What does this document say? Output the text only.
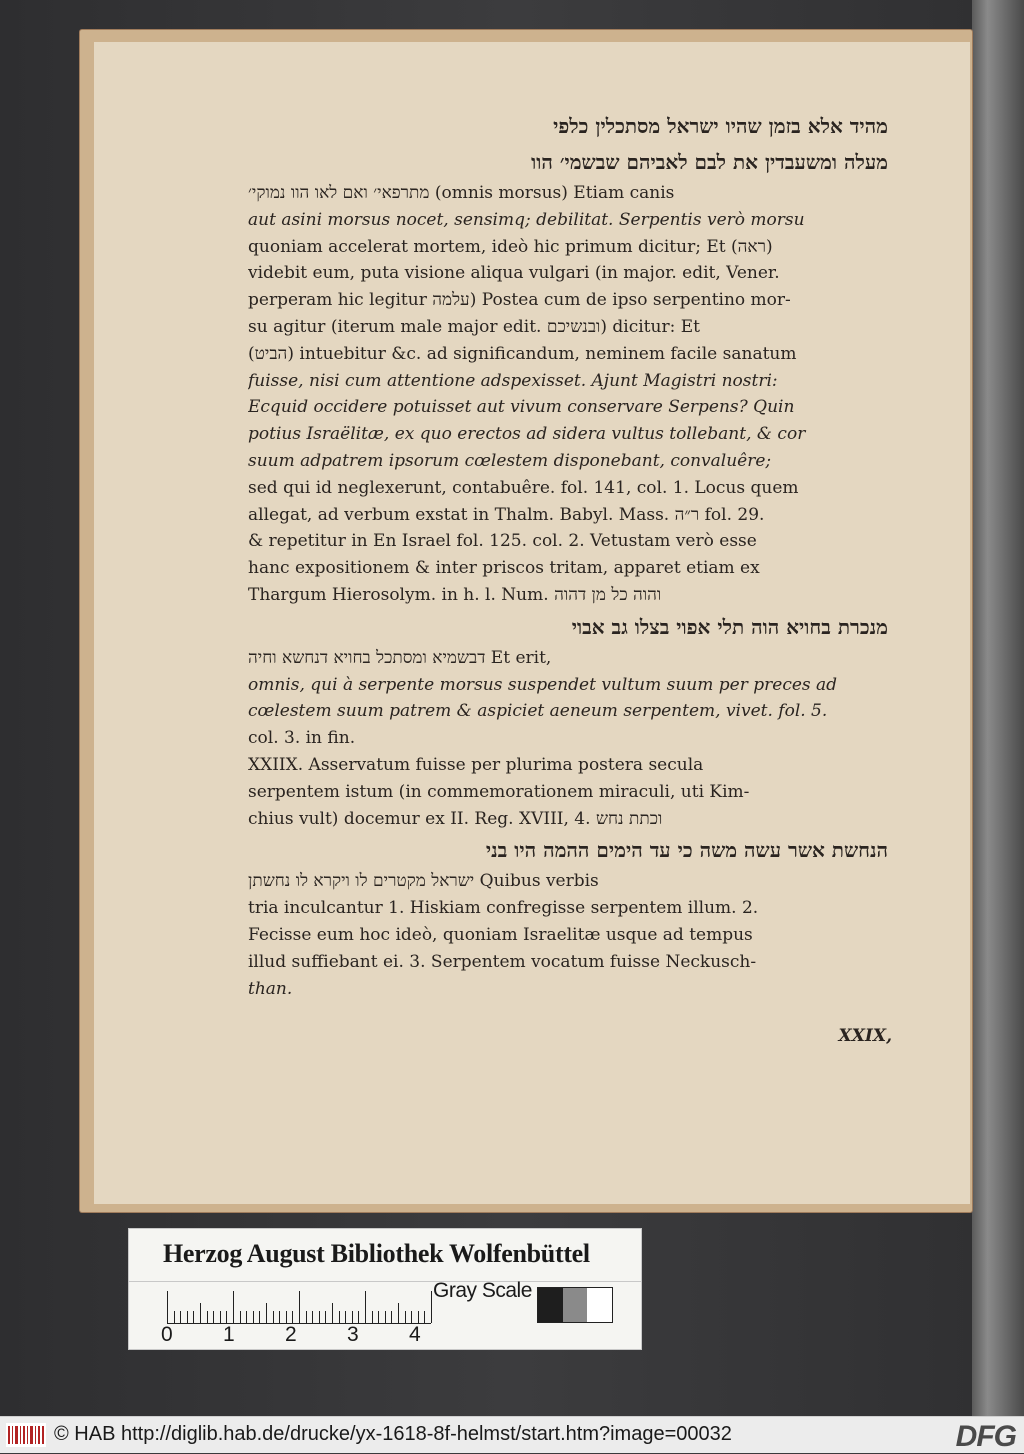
מהיד אלא בזמן שהיו ישראל מסתכלין כלפי
מעלה ומשעבדין את לבם לאביהם שבשמי׳ הוו
מתרפאי׳ ואם לאו הוו נמוקי׳ (omnis morsus) Etiam canis
aut asini morsus nocet, sensimq; debilitat. Serpentis verò morsu
quoniam accelerat mortem, ideò hic primum dicitur; Et (ראה)
videbit eum, puta visione aliqua vulgari (in major. edit, Vener.
perperam hic legitur עלמה) Postea cum de ipso serpentino mor-
su agitur (iterum male major edit. ובנשיכם) dicitur: Et
(הביט) intuebitur &c. ad significandum, neminem facile sanatum
fuisse, nisi cum attentione adspexisset. Ajunt Magistri nostri:
Ecquid occidere potuisset aut vivum conservare Serpens? Quin
potius Israëlitæ, ex quo erectos ad sidera vultus tollebant, & cor
suum adpatrem ipsorum cœlestem disponebant, convaluêre;
sed qui id neglexerunt, contabuêre. fol. 141, col. 1. Locus quem
allegat, ad verbum exstat in Thalm. Babyl. Mass. ר״ה fol. 29.
& repetitur in En Israel fol. 125. col. 2. Vetustam verò esse
hanc expositionem & inter priscos tritam, apparet etiam ex
Thargum Hierosolym. in h. l. Num. והוה כל מן דהוה
מנכרת בחויא הוה תלי אפוי בצלו גב אבוי
דבשמיא ומסתכל בחויא דנחשא וחיה Et erit,
omnis, qui à serpente morsus suspendet vultum suum per preces ad
cœlestem suum patrem & aspiciet aeneum serpentem, vivet. fol. 5.
col. 3. in fin.
XXIIX. Asservatum fuisse per plurima postera secula
serpentem istum (in commemorationem miraculi, uti Kim-
chius vult) docemur ex II. Reg. XVIII, 4. וכתת נחש
הנחשת אשר עשה משה כי עד הימים ההמה היו בני
ישראל מקטרים לו ויקרא לו נחשתן Quibus verbis
tria inculcantur 1. Hiskiam confregisse serpentem illum. 2.
Fecisse eum hoc ideò, quoniam Israelitæ usque ad tempus
illud suffiebant ei. 3. Serpentem vocatum fuisse Neckusch-
than.
XXIX,
Herzog August Bibliothek Wolfenbüttel
0 1 2 3 4
Gray Scale
© HAB http://diglib.hab.de/drucke/yx-1618-8f-helmst/start.htm?image=00032	DFG
